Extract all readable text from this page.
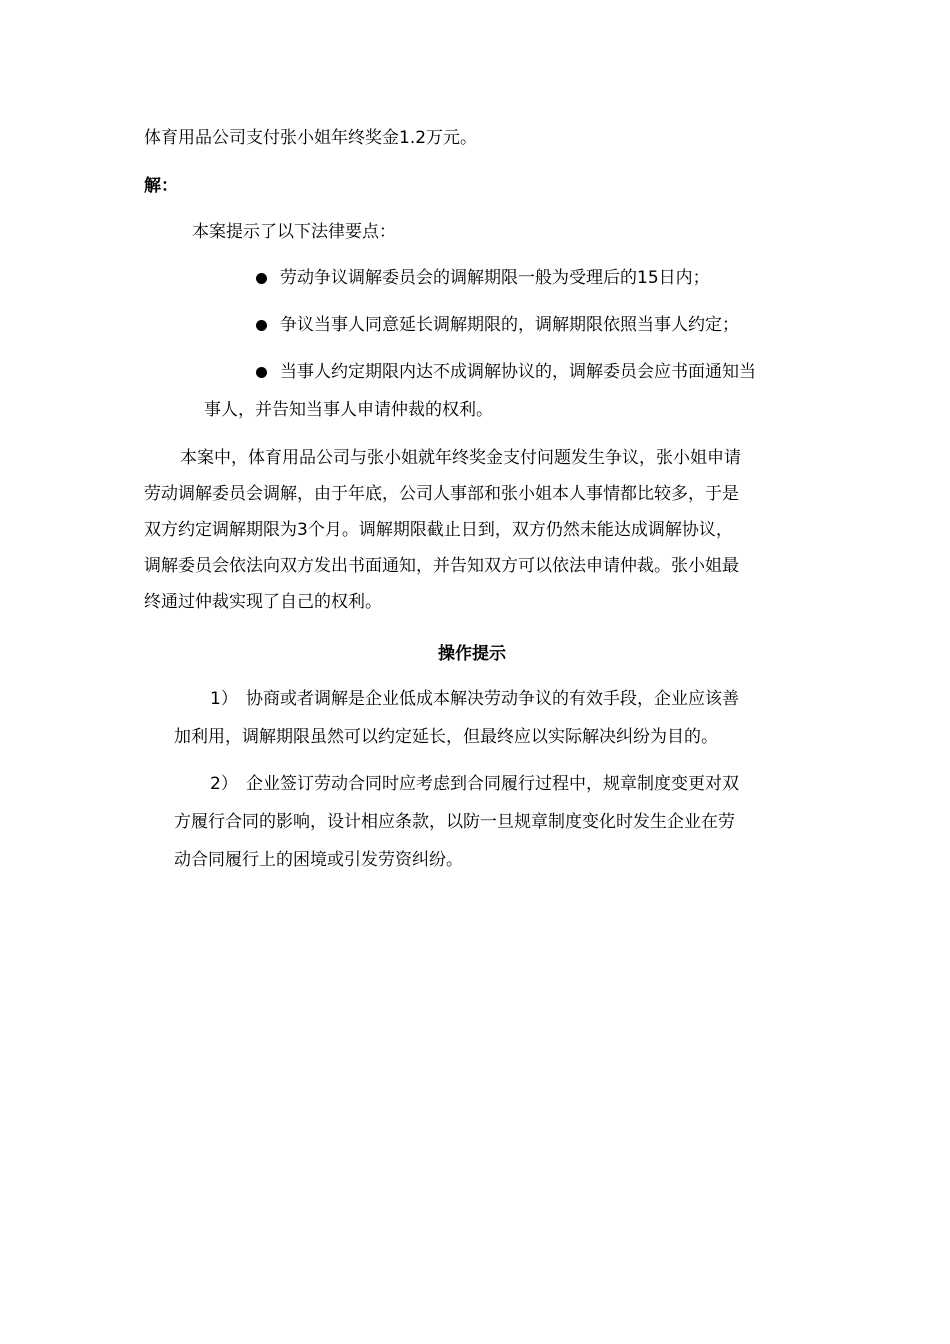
体育用品公司支付张小姐年终奖金1.2万元。
解：
本案提示了以下法律要点：
劳动争议调解委员会的调解期限一般为受理后的15日内；
争议当事人同意延长调解期限的，调解期限依照当事人约定；
当事人约定期限内达不成调解协议的，调解委员会应书面通知当
事人，并告知当事人申请仲裁的权利。
本案中，体育用品公司与张小姐就年终奖金支付问题发生争议，张小姐申请
劳动调解委员会调解，由于年底，公司人事部和张小姐本人事情都比较多，于是
双方约定调解期限为3个月。调解期限截止日到，双方仍然未能达成调解协议，
调解委员会依法向双方发出书面通知，并告知双方可以依法申请仲裁。张小姐最
终通过仲裁实现了自己的权利。
操作提示
1） 协商或者调解是企业低成本解决劳动争议的有效手段，企业应该善
加利用，调解期限虽然可以约定延长，但最终应以实际解决纠纷为目的。
2） 企业签订劳动合同时应考虑到合同履行过程中，规章制度变更对双
方履行合同的影响，设计相应条款，以防一旦规章制度变化时发生企业在劳
动合同履行上的困境或引发劳资纠纷。
